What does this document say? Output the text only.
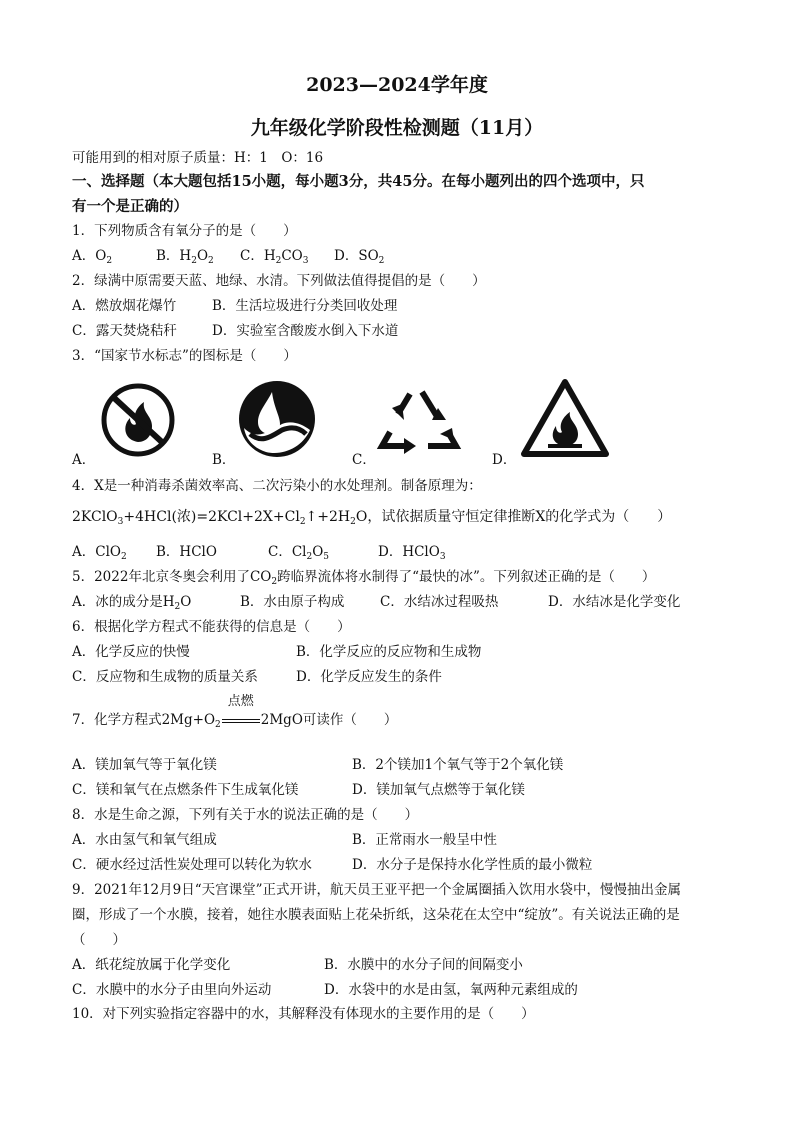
2023—2024学年度
九年级化学阶段性检测题（11月）
可能用到的相对原子质量：H：1　O：16
一、选择题（本大题包括15小题，每小题3分，共45分。在每小题列出的四个选项中，只
有一个是正确的）
1．下列物质含有氧分子的是（　　）
A．$O_2$	B．$H_2O_2$ C．$H_2CO_3$ D．$SO_2$
2．绿满中原需要天蓝、地绿、水清。下列做法值得提倡的是（　　）
A．燃放烟花爆竹	B．生活垃圾进行分类回收处理
C．露天焚烧秸秆	D．实验室含酸废水倒入下水道
3．“国家节水标志”的图标是（　　）
A．	B．	C．	D．
4．X是一种消毒杀菌效率高、二次污染小的水处理剂。制备原理为：
2KClO$_3$+4HCl(浓)$=2KCl+2X+Cl_2↑+2H_2O$，试依据质量守恒定律推断X的化学式为（　　）
A．ClO$_2$ B．HClO	C．$Cl_2O_5$	D．HClO$_3$
5．2022年北京冬奥会利用了$CO_2$跨临界流体将水制得了“最快的冰”。下列叙述正确的是（　　）
A．冰的成分是$H_2O$	B．水由原子构成	C．水结冰过程吸热	D．水结冰是化学变化
6．根据化学方程式不能获得的信息是（　　）
A．化学反应的快慢	B．化学反应的反应物和生成物
C．反应物和生成物的质量关系	D．化学反应发生的条件
7．化学方程式$2Mg+O_2$
点燃
2MgO可读作（　　）
A．镁加氧气等于氧化镁	B．2个镁加1个氧气等于2个氧化镁
C．镁和氧气在点燃条件下生成氧化镁	D．镁加氧气点燃等于氧化镁
8．水是生命之源，下列有关于水的说法正确的是（　　）
A．水由氢气和氧气组成	B．正常雨水一般呈中性
C．硬水经过活性炭处理可以转化为软水	D．水分子是保持水化学性质的最小微粒
9．2021年12月9日“天宫课堂”正式开讲，航天员王亚平把一个金属圈插入饮用水袋中，慢慢抽出金属
圈，形成了一个水膜，接着，她往水膜表面贴上花朵折纸，这朵花在太空中“绽放”。有关说法正确的是
（　　）
A．纸花绽放属于化学变化	B．水膜中的水分子间的间隔变小
C．水膜中的水分子由里向外运动	D．水袋中的水是由氢，氧两种元素组成的
10．对下列实验指定容器中的水，其解释没有体现水的主要作用的是（　　）
